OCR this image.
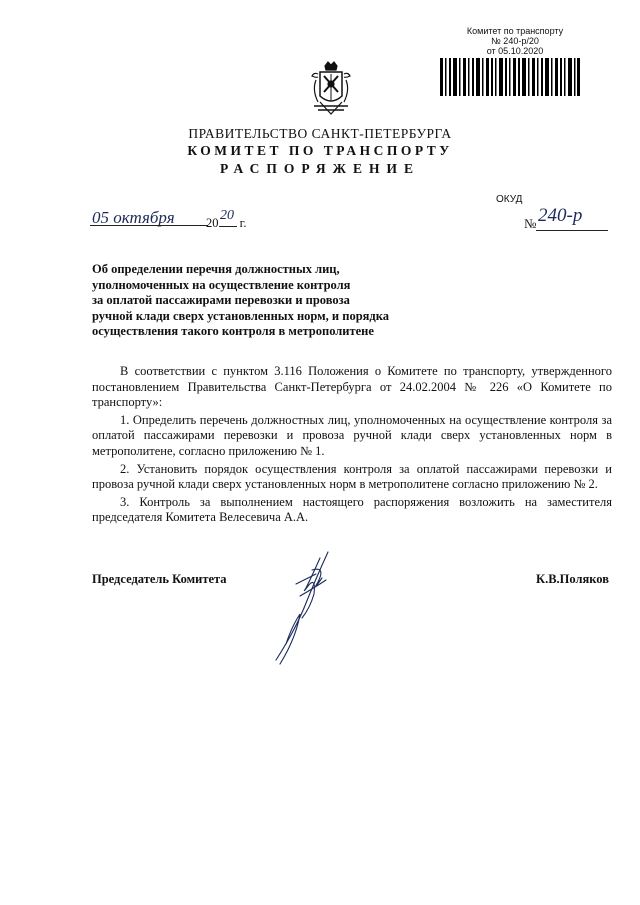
Комитет по транспорту
№ 240-р/20
от 05.10.2020
ПРАВИТЕЛЬСТВО САНКТ-ПЕТЕРБУРГА
КОМИТЕТ ПО ТРАНСПОРТУ
РАСПОРЯЖЕНИЕ
ОКУД
05 октября	20 г.
20
№ 240-р
Об определении перечня должностных лиц,
уполномоченных на осуществление контроля
за оплатой пассажирами перевозки и провоза
ручной клади сверх установленных норм, и порядка
осуществления такого контроля в метрополитене

В соответствии с пунктом 3.116 Положения о Комитете по транспорту, утвержденного постановлением Правительства Санкт-Петербурга от 24.02.2004 № 226 «О Комитете по транспорту»:

1. Определить перечень должностных лиц, уполномоченных на осуществление контроля за оплатой пассажирами перевозки и провоза ручной клади сверх установленных норм в метрополитене, согласно приложению № 1.

2. Установить порядок осуществления контроля за оплатой пассажирами перевозки и провоза ручной клади сверх установленных норм в метрополитене согласно приложению № 2.

3. Контроль за выполнением настоящего распоряжения возложить на заместителя председателя Комитета Велесевича А.А.

Председатель Комитета	К.В.Поляков
